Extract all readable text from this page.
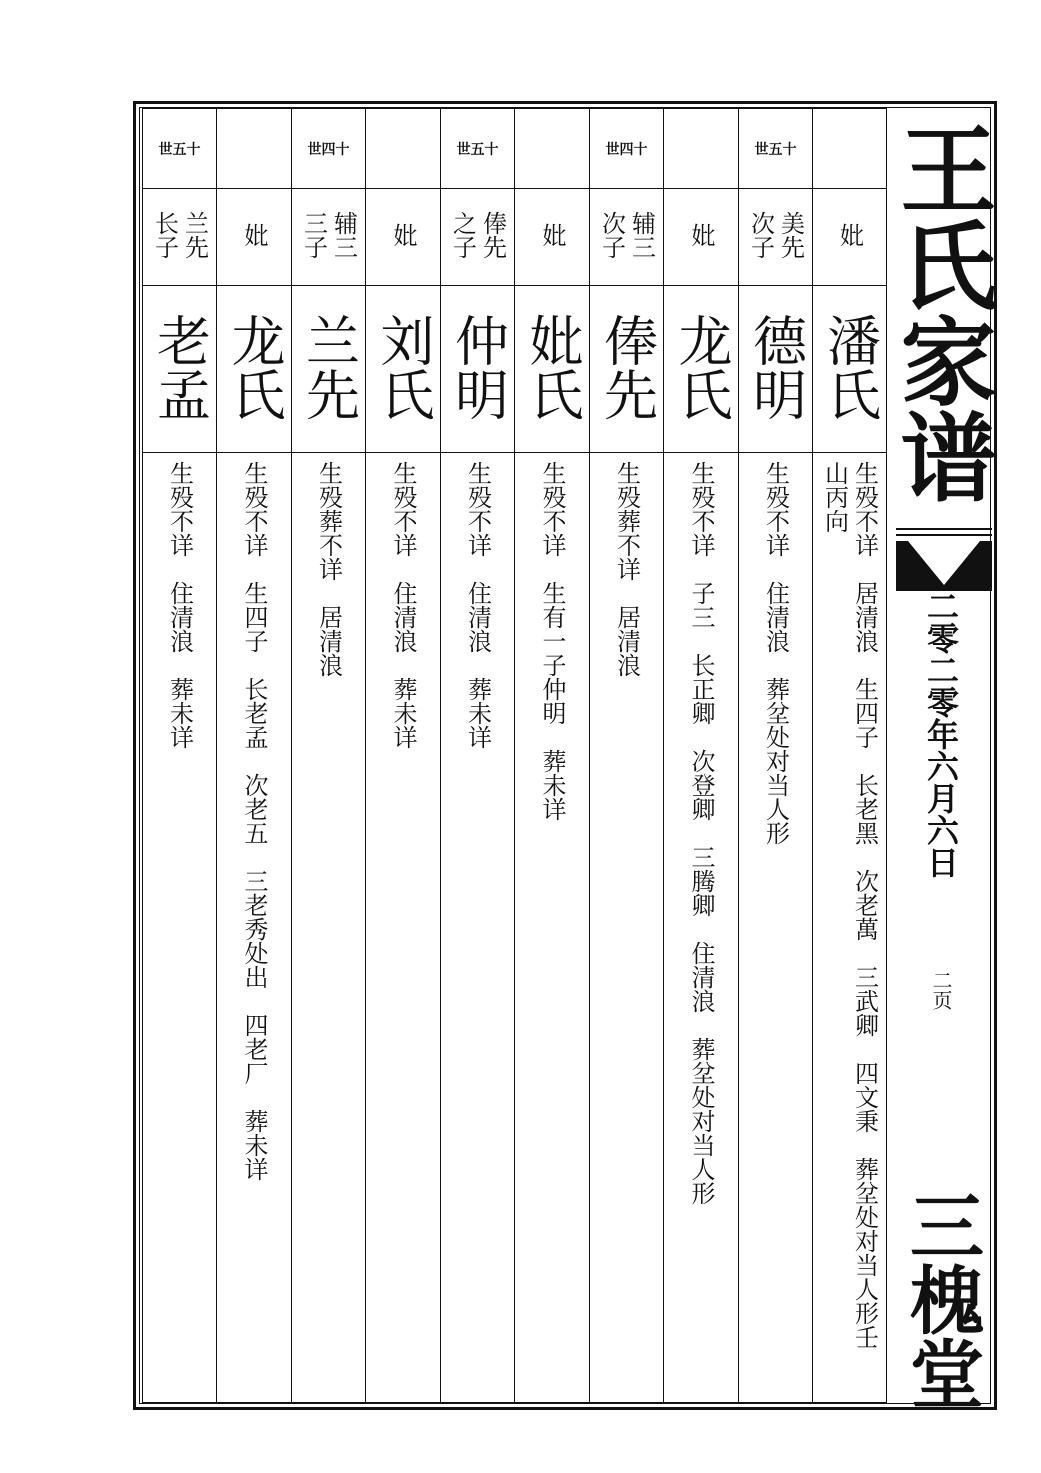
世五十		世四十		世五十		世四十		世五十	
兰先长子	妣	辅三三子	妣	俸先之子	妣	辅三次子	妣	美先次子	妣
老孟	龙氏	兰先	刘氏	仲明	妣氏	俸先	龙氏	德明	潘氏
生殁不详　住清浪　葬未详	生殁不详　生四子　长老孟　次老五　三老秀处出　四老厂　葬未详	生殁葬不详　居清浪	生殁不详　住清浪　葬未详	生殁不详　住清浪　葬未详	生殁不详　生有一子仲明　葬未详	生殁葬不详　居清浪	生殁不详　子三　长正卿　次登卿　三腾卿　住清浪　葬坌处对当人形	生殁不详　住清浪　葬坌处对当人形	生殁不详　居清浪　生四子　长老黑　次老萬　三武卿　四文秉　葬坌处对当人形壬山丙向 王氏家谱
二零二零年六月六日
二页
三槐堂
